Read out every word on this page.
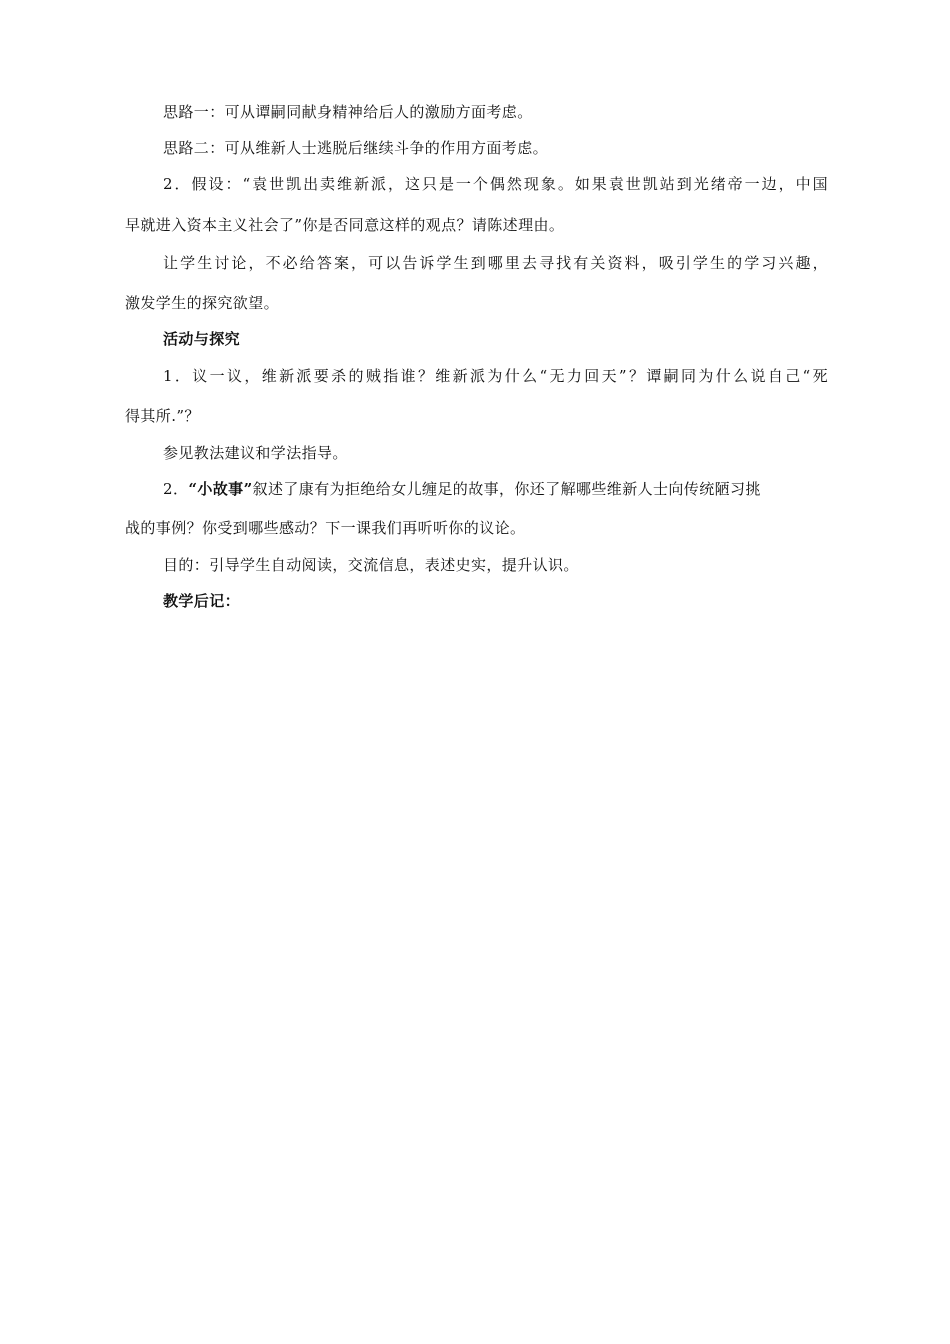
思路一：可从谭嗣同献身精神给后人的激励方面考虑。
思路二：可从维新人士逃脱后继续斗争的作用方面考虑。
2．假设：“袁世凯出卖维新派，这只是一个偶然现象。如果袁世凯站到光绪帝一边，中国
早就进入资本主义社会了”你是否同意这样的观点？请陈述理由。
让学生讨论，不必给答案，可以告诉学生到哪里去寻找有关资料，吸引学生的学习兴趣，
激发学生的探究欲望。
活动与探究
1．议一议，维新派要杀的贼指谁？维新派为什么“无力回天”？谭嗣同为什么说自己“死
得其所.”？
参见教法建议和学法指导。
2．“小故事”叙述了康有为拒绝给女儿缠足的故事，你还了解哪些维新人士向传统陋习挑
战的事例？你受到哪些感动？下一课我们再听听你的议论。
目的：引导学生自动阅读，交流信息，表述史实，提升认识。
教学后记：
